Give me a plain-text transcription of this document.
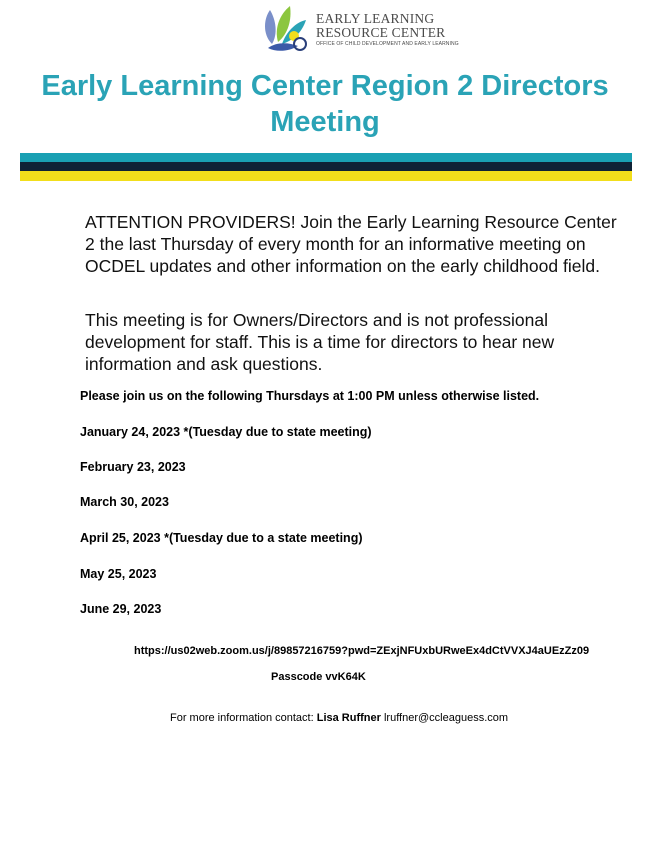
EARLY LEARNING
RESOURCE CENTER
OFFICE OF CHILD DEVELOPMENT AND EARLY LEARNING
Early Learning Center Region 2 Directors Meeting
ATTENTION PROVIDERS! Join the Early Learning Resource Center 2 the last Thursday of every month for an informative meeting on OCDEL updates and other information on the early childhood field.
This meeting is for Owners/Directors and is not professional development for staff. This is a time for directors to hear new information and ask questions.
Please join us on the following Thursdays at 1:00 PM unless otherwise listed.
January 24, 2023 *(Tuesday due to state meeting)
February 23, 2023
March 30, 2023
April 25, 2023 *(Tuesday due to a state meeting)
May 25, 2023
June 29, 2023
https://us02web.zoom.us/j/89857216759?pwd=ZExjNFUxbURweEx4dCtVVXJ4aUEzZz09
Passcode vvK64K
For more information contact: Lisa Ruffner lruffner@ccleaguess.com
